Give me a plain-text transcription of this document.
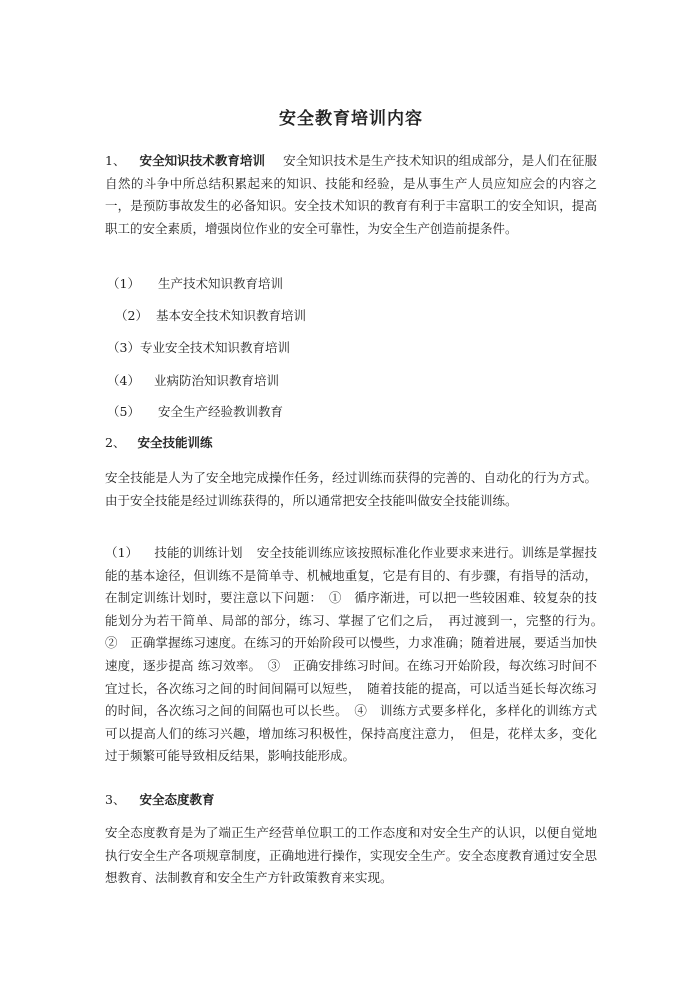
安全教育培训内容

1、 安全知识技术教育培训 安全知识技术是生产技术知识的组成部分，是人们在征服自然的斗争中所总结积累起来的知识、技能和经验，是从事生产人员应知应会的内容之一，是预防事故发生的必备知识。安全技术知识的教育有利于丰富职工的安全知识，提高职工的安全素质，增强岗位作业的安全可靠性，为安全生产创造前提条件。

（1） 生产技术知识教育培训

（2） 基本安全技术知识教育培训

（3）专业安全技术知识教育培训

（4） 业病防治知识教育培训

（5） 安全生产经验教训教育

2、 安全技能训练

安全技能是人为了安全地完成操作任务，经过训练而获得的完善的、自动化的行为方式。由于安全技能是经过训练获得的，所以通常把安全技能叫做安全技能训练。

（1） 技能的训练计划 安全技能训练应该按照标准化作业要求来进行。训练是掌握技能的基本途径，但训练不是简单寺、机械地重复，它是有目的、有步骤，有指导的活动，在制定训练计划时，要注意以下问题：　①　循序渐进，可以把一些较困难、较复杂的技能划分为若干简单、局部的部分，练习、掌握了它们之后，　再过渡到一，完整的行为。　②　正确掌握练习速度。在练习的开始阶段可以慢些，力求准确；随着进展，要适当加快速度，逐步提高 练习效率。　③　正确安排练习时间。在练习开始阶段，每次练习时间不宜过长，各次练习之间的时间间隔可以短些，　随着技能的提高，可以适当延长每次练习的时间，各次练习之间的间隔也可以长些。　④　训练方式要多样化，多样化的训练方式可以提高人们的练习兴趣，增加练习积极性，保持高度注意力，　但是，花样太多，变化过于频繁可能导致相反结果，影响技能形成。

3、 安全态度教育

安全态度教育是为了端正生产经营单位职工的工作态度和对安全生产的认识，以便自觉地执行安全生产各项规章制度，正确地进行操作，实现安全生产。安全态度教育通过安全思想教育、法制教育和安全生产方针政策教育来实现。
